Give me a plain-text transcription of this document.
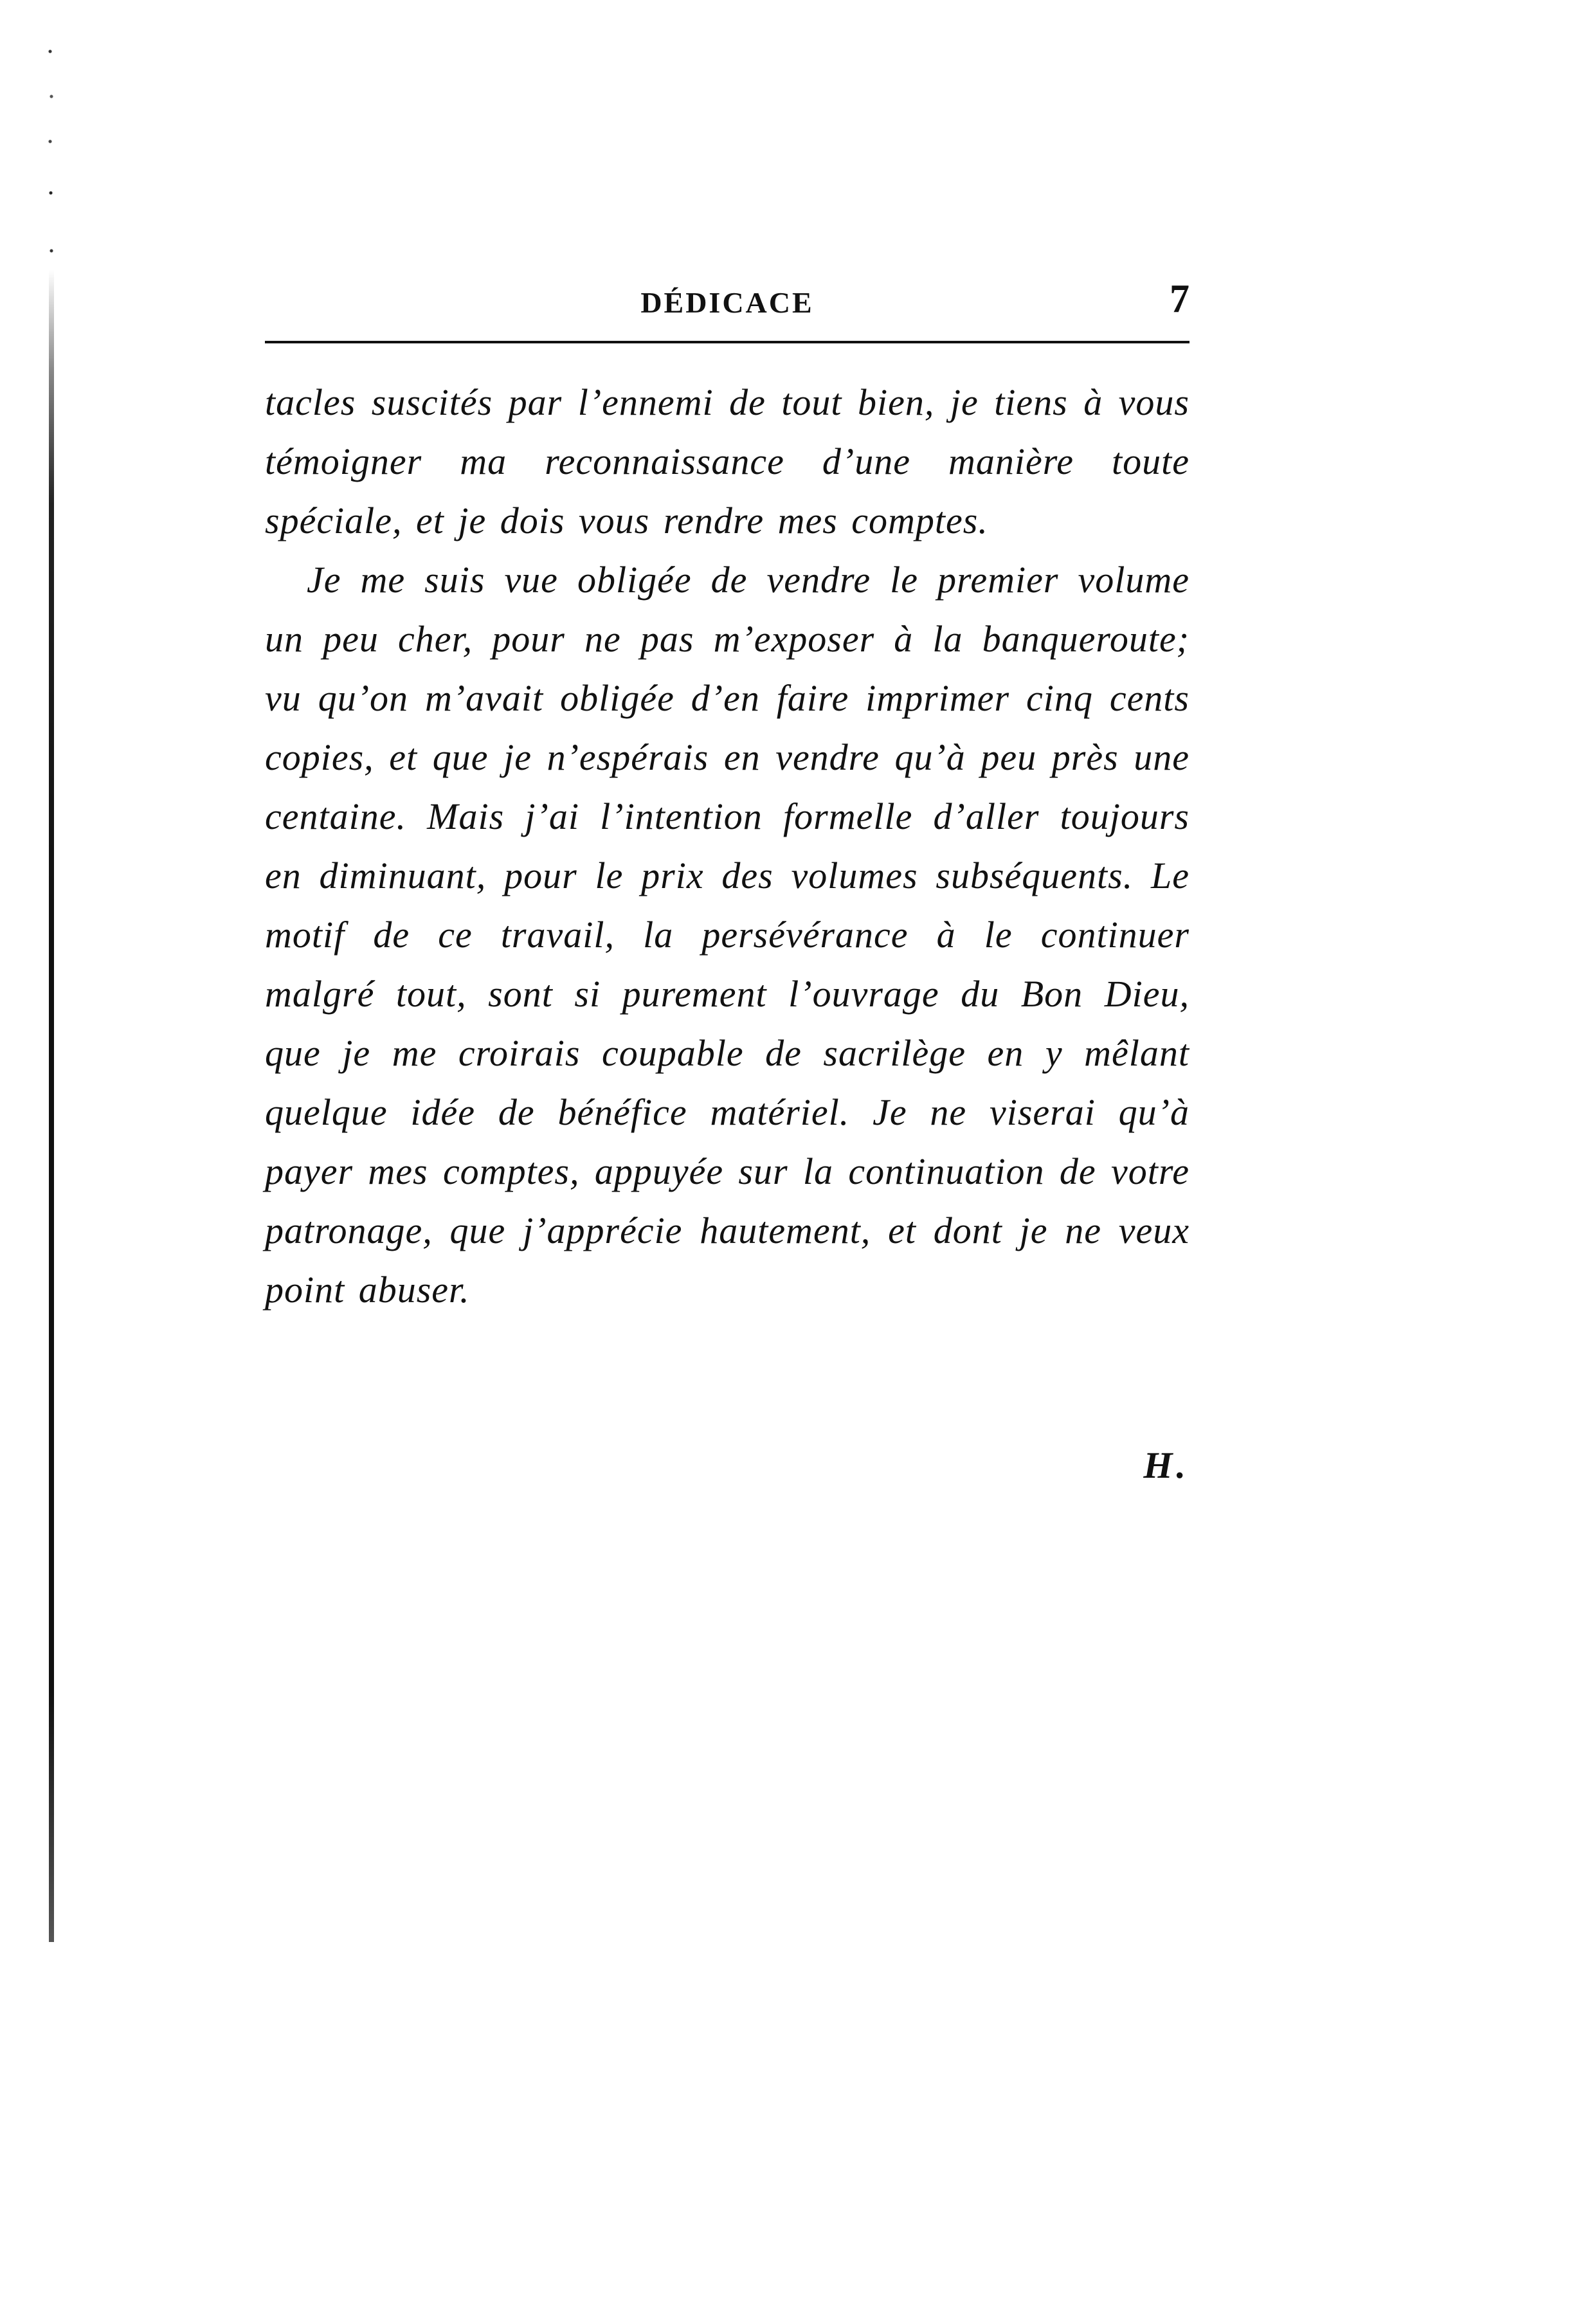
DÉDICACE	7

tacles suscités par l’ennemi de tout bien, je tiens à vous témoigner ma reconnaissance d’une manière toute spéciale, et je dois vous rendre mes comptes.

Je me suis vue obligée de vendre le premier volume un peu cher, pour ne pas m’exposer à la banqueroute; vu qu’on m’avait obligée d’en faire imprimer cinq cents copies, et que je n’espérais en vendre qu’à peu près une centaine. Mais j’ai l’intention formelle d’aller toujours en diminuant, pour le prix des volumes subséquents. Le motif de ce travail, la persévérance à le continuer malgré tout, sont si purement l’ouvrage du Bon Dieu, que je me croirais coupable de sacrilège en y mêlant quelque idée de bénéfice matériel. Je ne viserai qu’à payer mes comptes, appuyée sur la continuation de votre patronage, que j’apprécie hautement, et dont je ne veux point abuser.

H.
